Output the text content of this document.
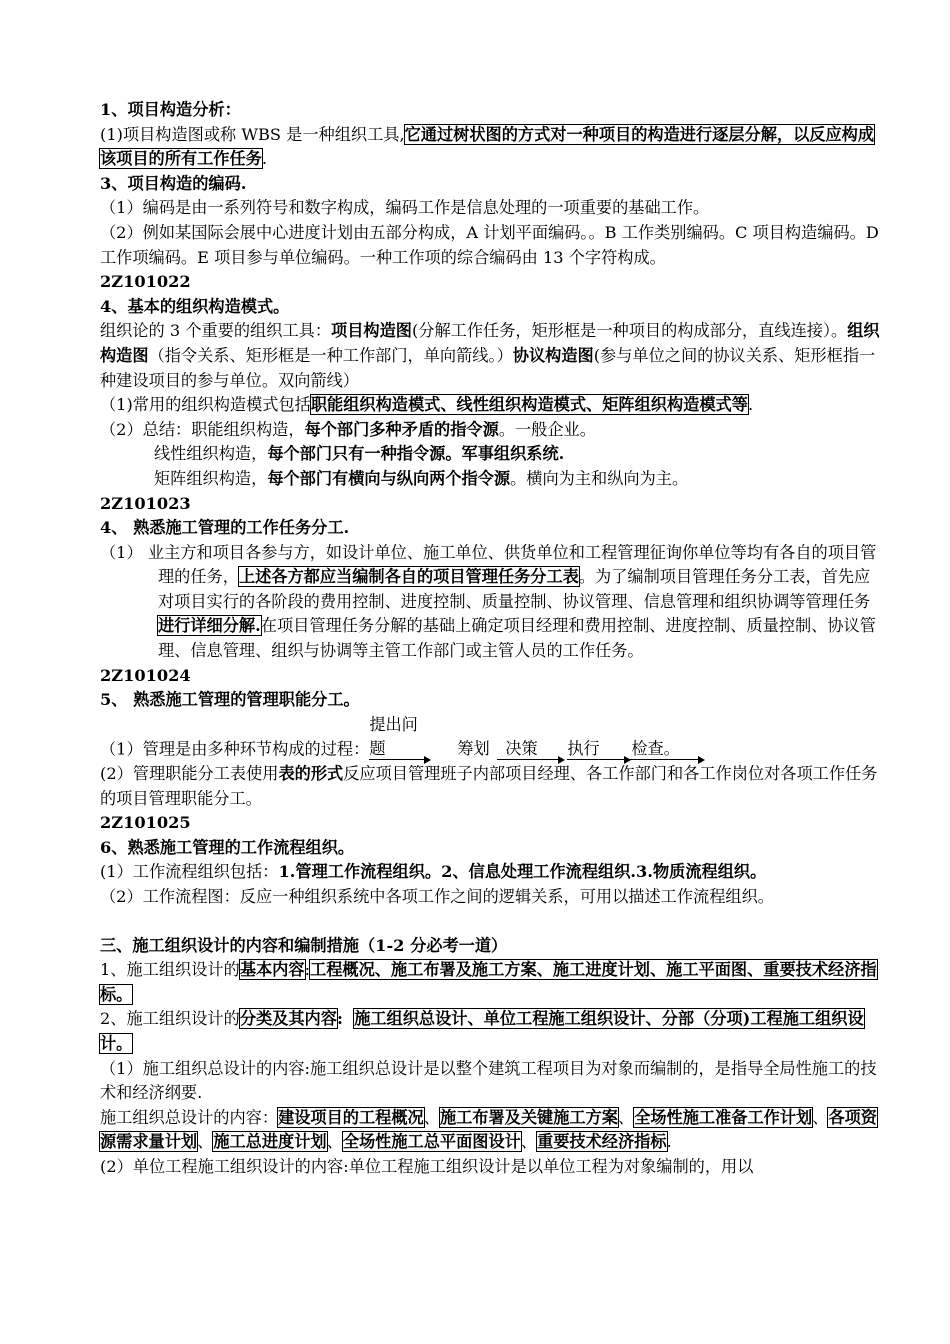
1、项目构造分析：

(1)项目构造图或称 WBS 是一种组织工具,它通过树状图的方式对一种项目的构造进行逐层分解，以反应构成该项目的所有工作任务.

3、项目构造的编码.

（1）编码是由一系列符号和数字构成，编码工作是信息处理的一项重要的基础工作。

（2）例如某国际会展中心进度计划由五部分构成，A 计划平面编码。。B 工作类别编码。C 项目构造编码。D 工作项编码。E 项目参与单位编码。一种工作项的综合编码由 13 个字符构成。

2Z101022

4、基本的组织构造模式。

组织论的 3 个重要的组织工具：项目构造图(分解工作任务，矩形框是一种项目的构成部分，直线连接）。组织构造图（指令关系、矩形框是一种工作部门，单向箭线。）协议构造图(参与单位之间的协议关系、矩形框指一种建设项目的参与单位。双向箭线）

（1)常用的组织构造模式包括职能组织构造模式、线性组织构造模式、矩阵组织构造模式等.

（2）总结：职能组织构造，每个部门多种矛盾的指令源。一般企业。

线性组织构造，每个部门只有一种指令源。军事组织系统.

矩阵组织构造，每个部门有横向与纵向两个指令源。横向为主和纵向为主。

2Z101023

4、 熟悉施工管理的工作任务分工.

（1） 业主方和项目各参与方，如设计单位、施工单位、供货单位和工程管理征询你单位等均有各自的项目管理的任务，上述各方都应当编制各自的项目管理任务分工表。为了编制项目管理任务分工表，首先应对项目实行的各阶段的费用控制、进度控制、质量控制、协议管理、信息管理和组织协调等管理任务进行详细分解.在项目管理任务分解的基础上确定项目经理和费用控制、进度控制、质量控制、协议管理、信息管理、组织与协调等主管工作部门或主管人员的工作任务。

2Z101024

5、 熟悉施工管理的管理职能分工。

（1）管理是由多种环节构成的过程：提出问题	筹划 决策 执行 检查。

(2）管理职能分工表使用表的形式反应项目管理班子内部项目经理、各工作部门和各工作岗位对各项工作任务的项目管理职能分工。

2Z101025

6、熟悉施工管理的工作流程组织。

(1）工作流程组织包括：1.管理工作流程组织。2、信息处理工作流程组织.3.物质流程组织。

（2）工作流程图：反应一种组织系统中各项工作之间的逻辑关系，可用以描述工作流程组织。

三、施工组织设计的内容和编制措施（1-2 分必考一道）

1、施工组织设计的基本内容:工程概况、施工布署及施工方案、施工进度计划、施工平面图、重要技术经济指标。

2、施工组织设计的分类及其内容:  施工组织总设计、单位工程施工组织设计、分部（分项)工程施工组织设计。

（1）施工组织总设计的内容:施工组织总设计是以整个建筑工程项目为对象而编制的，是指导全局性施工的技术和经济纲要.

施工组织总设计的内容：建设项目的工程概况、施工布署及关键施工方案、全场性施工准备工作计划、各项资源需求量计划、施工总进度计划、全场性施工总平面图设计、重要技术经济指标.

(2）单位工程施工组织设计的内容:单位工程施工组织设计是以单位工程为对象编制的，用以
